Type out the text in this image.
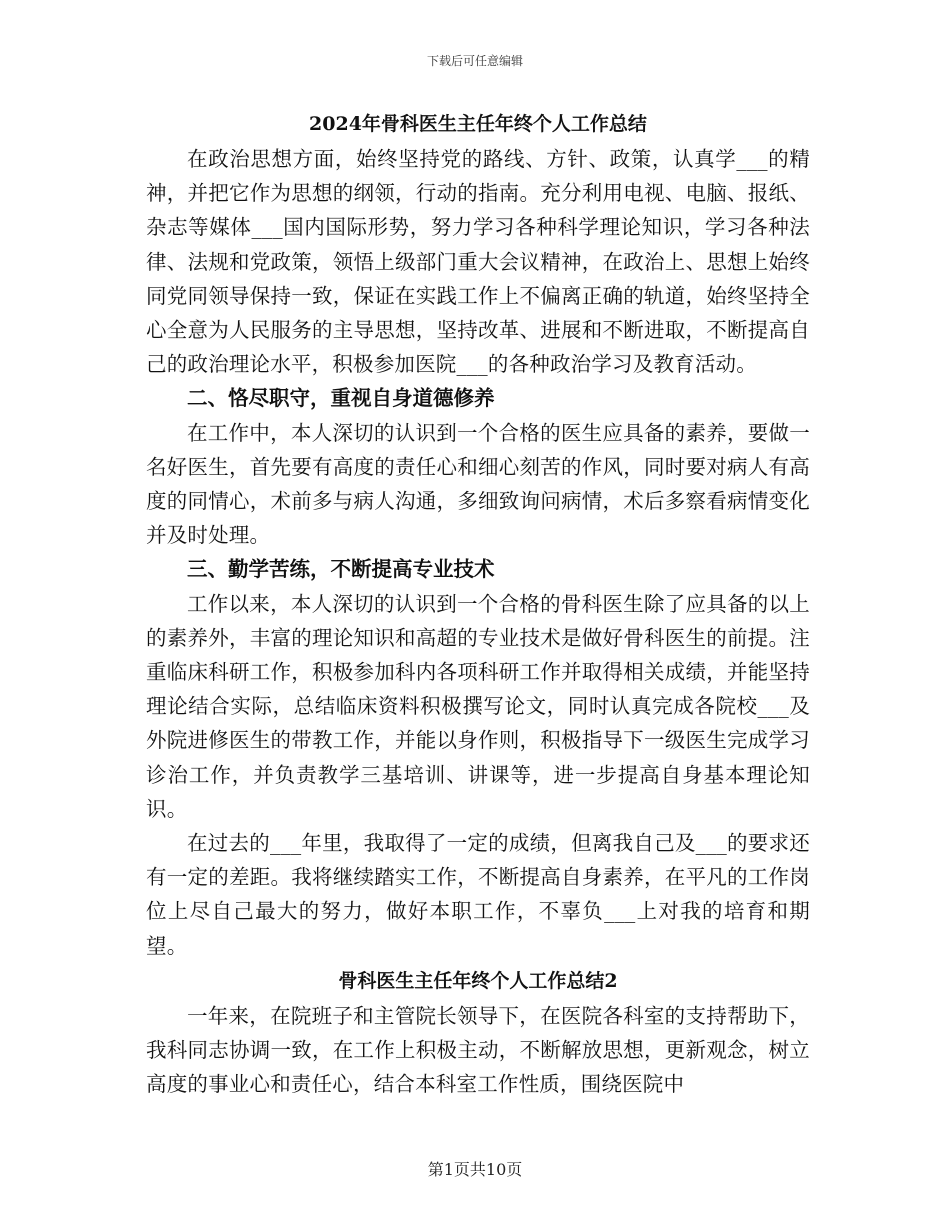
下载后可任意编辑
2024年骨科医生主任年终个人工作总结

在政治思想方面，始终坚持党的路线、方针、政策，认真学___的精神，并把它作为思想的纲领，行动的指南。充分利用电视、电脑、报纸、杂志等媒体___国内国际形势，努力学习各种科学理论知识，学习各种法律、法规和党政策，领悟上级部门重大会议精神，在政治上、思想上始终同党同领导保持一致，保证在实践工作上不偏离正确的轨道，始终坚持全心全意为人民服务的主导思想，坚持改革、进展和不断进取，不断提高自己的政治理论水平，积极参加医院___的各种政治学习及教育活动。

二、恪尽职守，重视自身道德修养

在工作中，本人深切的认识到一个合格的医生应具备的素养，要做一名好医生，首先要有高度的责任心和细心刻苦的作风，同时要对病人有高度的同情心，术前多与病人沟通，多细致询问病情，术后多察看病情变化并及时处理。

三、勤学苦练，不断提高专业技术

工作以来，本人深切的认识到一个合格的骨科医生除了应具备的以上的素养外，丰富的理论知识和高超的专业技术是做好骨科医生的前提。注重临床科研工作，积极参加科内各项科研工作并取得相关成绩，并能坚持理论结合实际，总结临床资料积极撰写论文，同时认真完成各院校___及外院进修医生的带教工作，并能以身作则，积极指导下一级医生完成学习诊治工作，并负责教学三基培训、讲课等，进一步提高自身基本理论知识。

在过去的___年里，我取得了一定的成绩，但离我自己及___的要求还有一定的差距。我将继续踏实工作，不断提高自身素养，在平凡的工作岗位上尽自己最大的努力，做好本职工作，不辜负___上对我的培育和期望。

骨科医生主任年终个人工作总结2

一年来，在院班子和主管院长领导下，在医院各科室的支持帮助下，我科同志协调一致，在工作上积极主动，不断解放思想，更新观念，树立高度的事业心和责任心，结合本科室工作性质，围绕医院中

第1页共10页
